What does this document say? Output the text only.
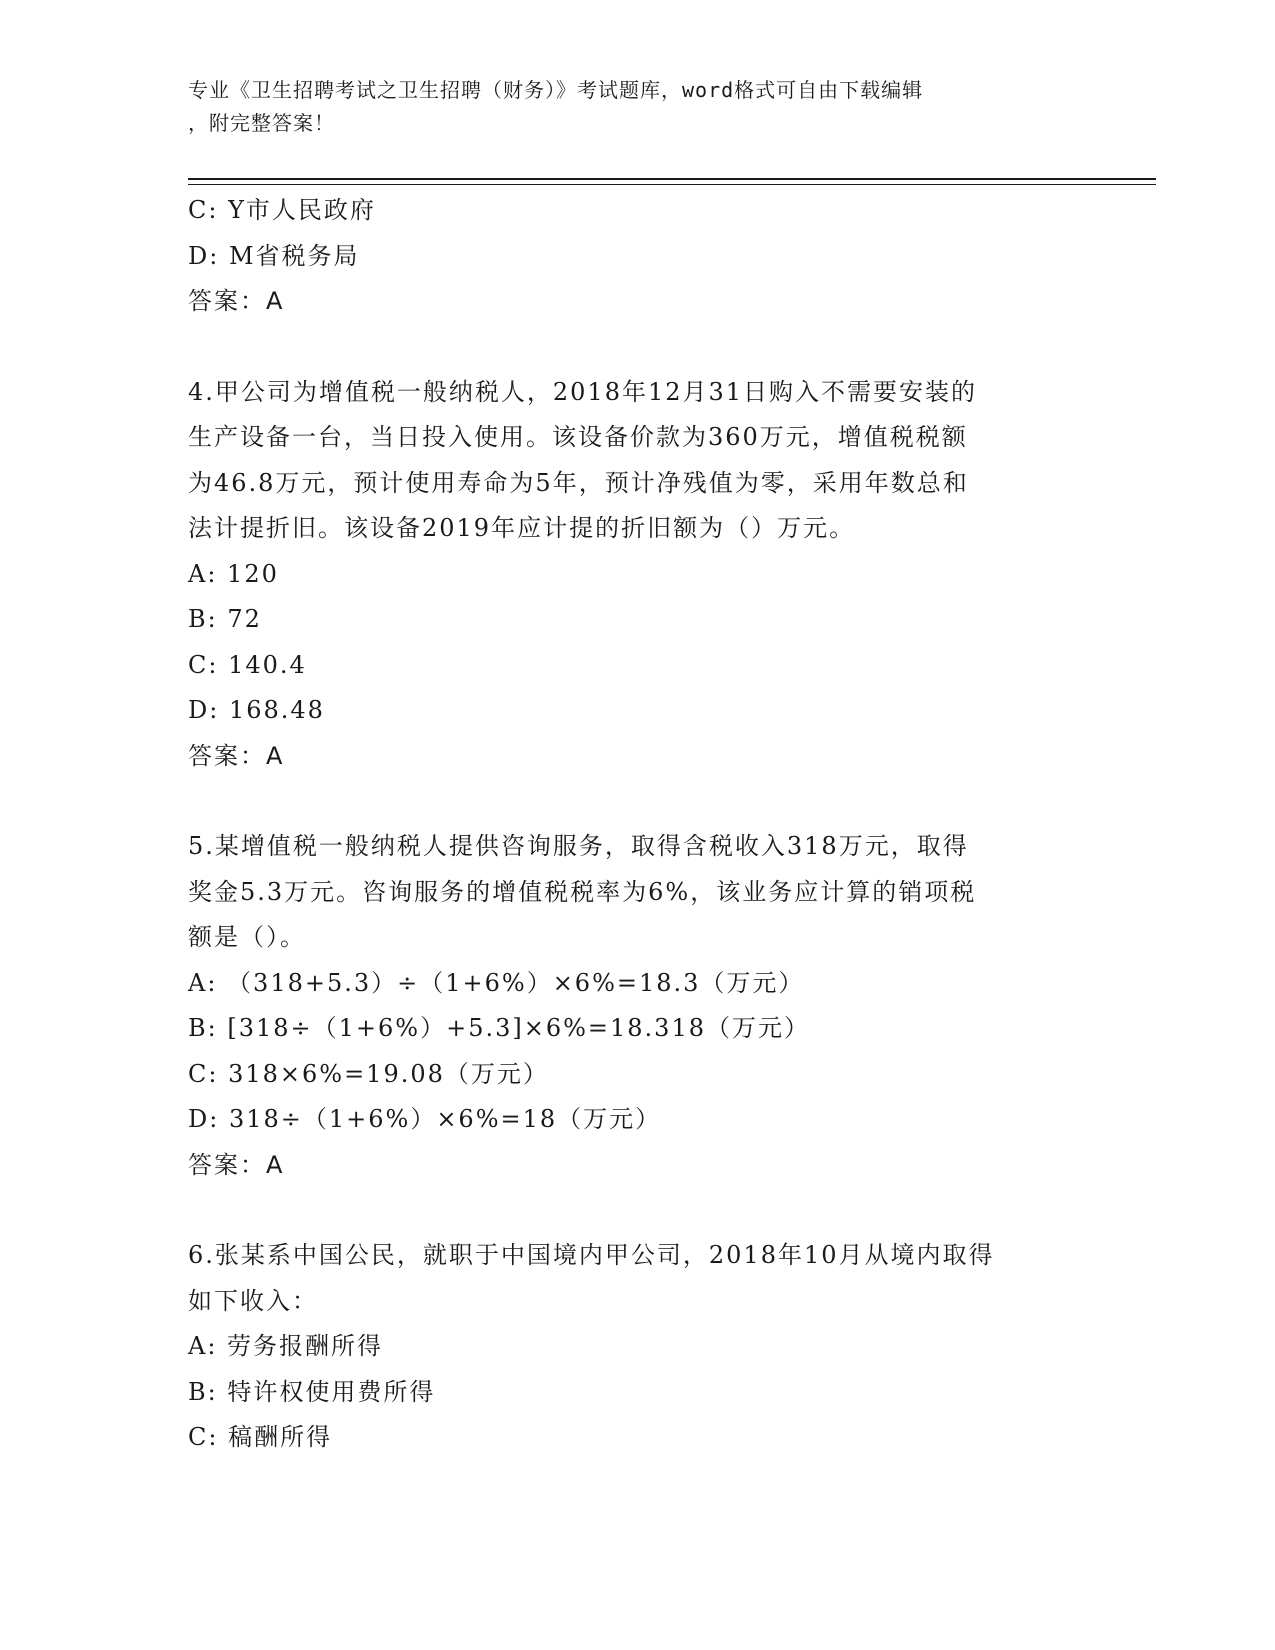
专业《卫生招聘考试之卫生招聘（财务）》考试题库，word格式可自由下载编辑
，附完整答案！
C: Y市人民政府
D: M省税务局
答案：A
4.甲公司为增值税一般纳税人，2018年12月31日购入不需要安装的
生产设备一台，当日投入使用。该设备价款为360万元，增值税税额
为46.8万元，预计使用寿命为5年，预计净残值为零，采用年数总和
法计提折旧。该设备2019年应计提的折旧额为（）万元。
A: 120
B: 72
C: 140.4
D: 168.48
答案：A
5.某增值税一般纳税人提供咨询服务，取得含税收入318万元，取得
奖金5.3万元。咨询服务的增值税税率为6%，该业务应计算的销项税
额是（）。
A: （318+5.3）÷（1+6%）×6%=18.3（万元）
B: [318÷（1+6%）+5.3]×6%=18.318（万元）
C: 318×6%=19.08（万元）
D: 318÷（1+6%）×6%=18（万元）
答案：A
6.张某系中国公民，就职于中国境内甲公司，2018年10月从境内取得
如下收入：
A: 劳务报酬所得
B: 特许权使用费所得
C: 稿酬所得
